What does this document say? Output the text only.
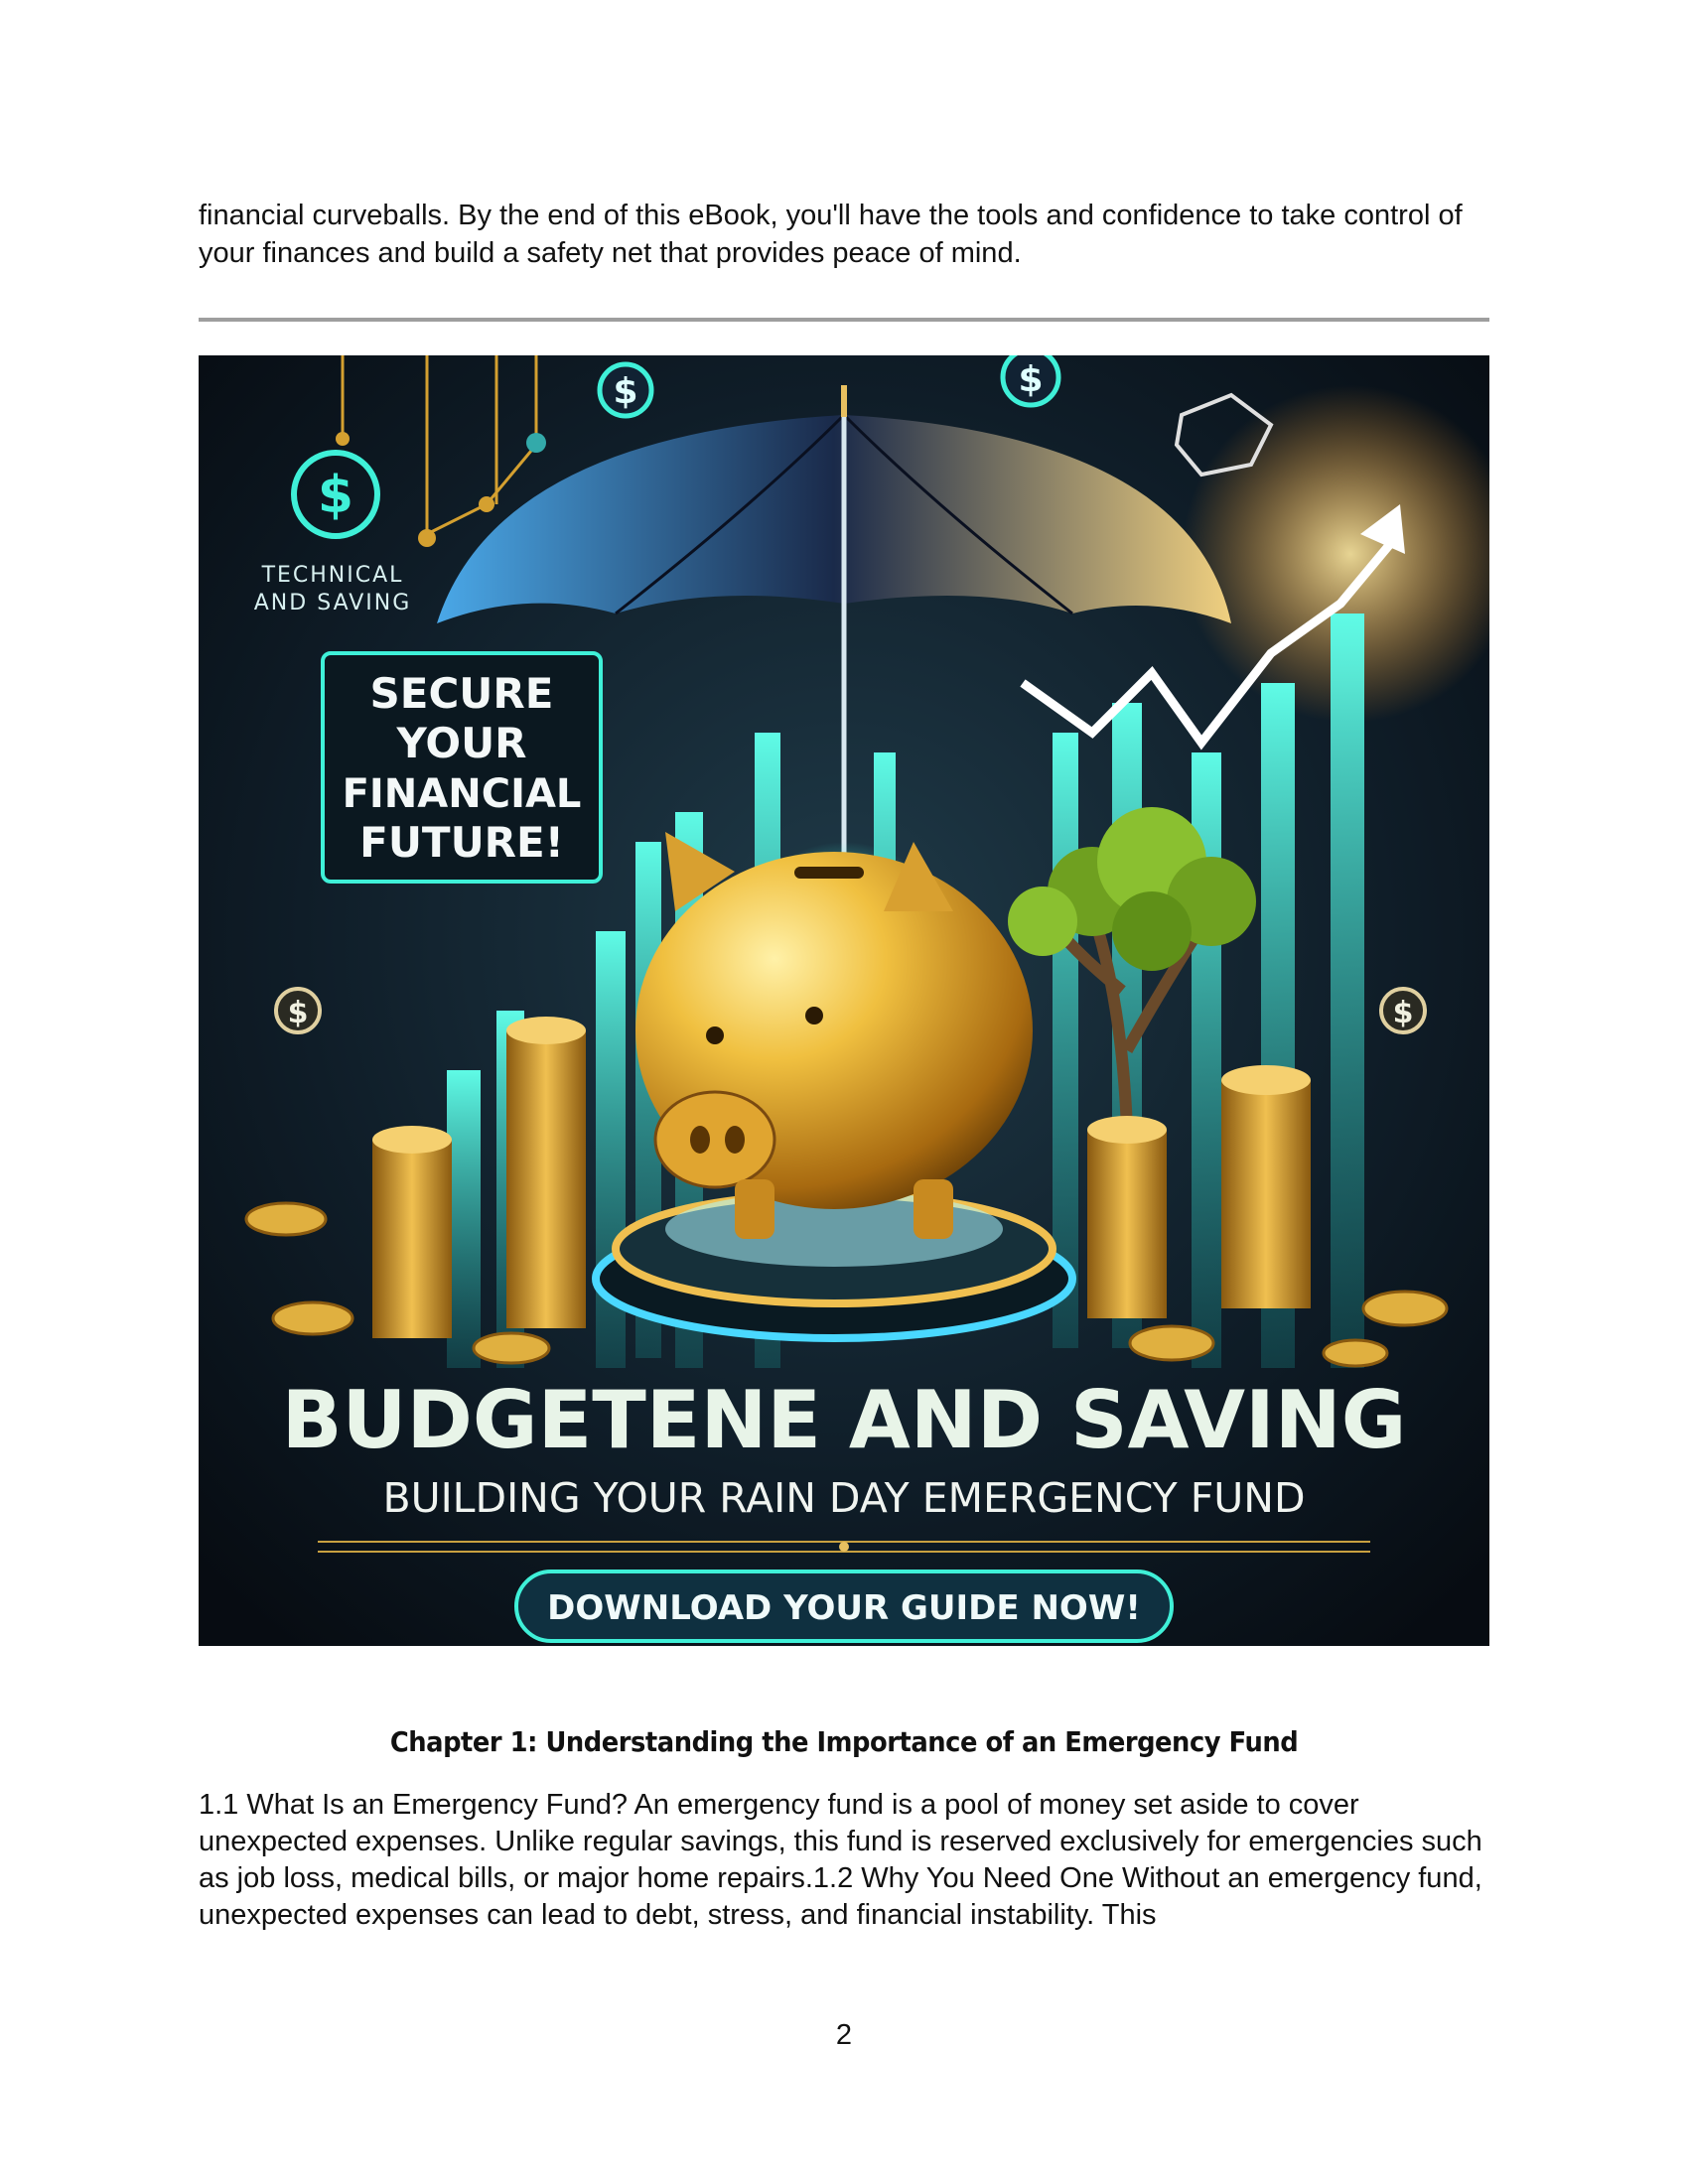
financial curveballs. By the end of this eBook, you'll have the tools and confidence to take control of your finances and build a safety net that provides peace of mind.

$
$	$
$	$
TECHNICAL
AND SAVING
SECURE
YOUR
FINANCIAL
FUTURE!
BUDGETENE AND SAVING
BUILDING YOUR RAIN DAY EMERGENCY FUND
DOWNLOAD YOUR GUIDE NOW!
Chapter 1: Understanding the Importance of an Emergency Fund

1.1 What Is an Emergency Fund? An emergency fund is a pool of money set aside to cover unexpected expenses. Unlike regular savings, this fund is reserved exclusively for emergencies such as job loss, medical bills, or major home repairs.1.2 Why You Need One Without an emergency fund, unexpected expenses can lead to debt, stress, and financial instability. This

2
